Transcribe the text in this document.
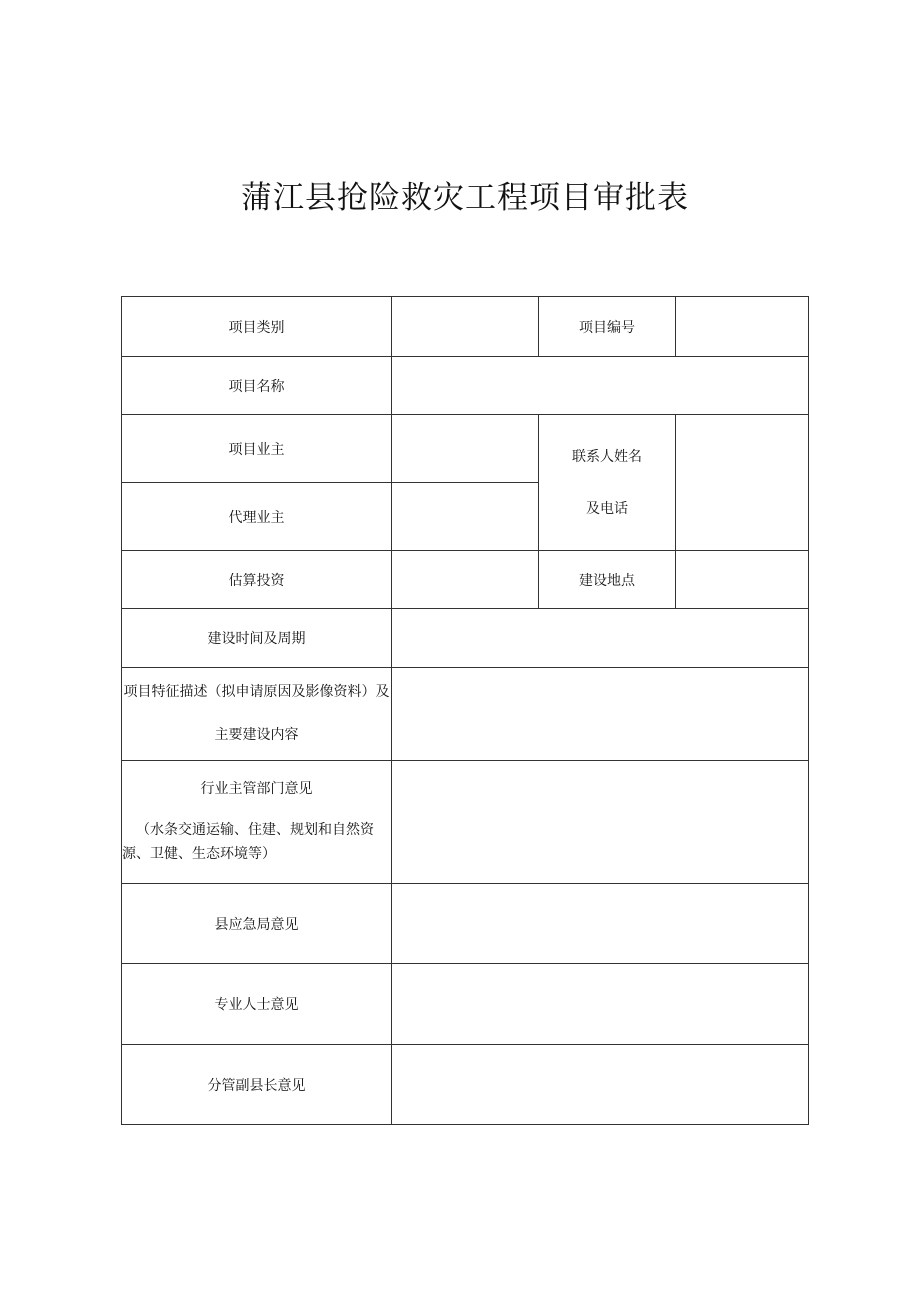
蒲江县抢险救灾工程项目审批表
项目类别		项目编号	
项目名称			
项目业主		联系人姓名
及电话	
代理业主			
估算投资		建设地点	
建设时间及周期			
项目特征描述（拟申请原因及影像资料）及主要建设内容			

行业主管部门意见
（水条交通运输、住建、规划和自然资源、卫健、生态环境等）			

县应急局意见			
专业人士意见			
分管副县长意见			
